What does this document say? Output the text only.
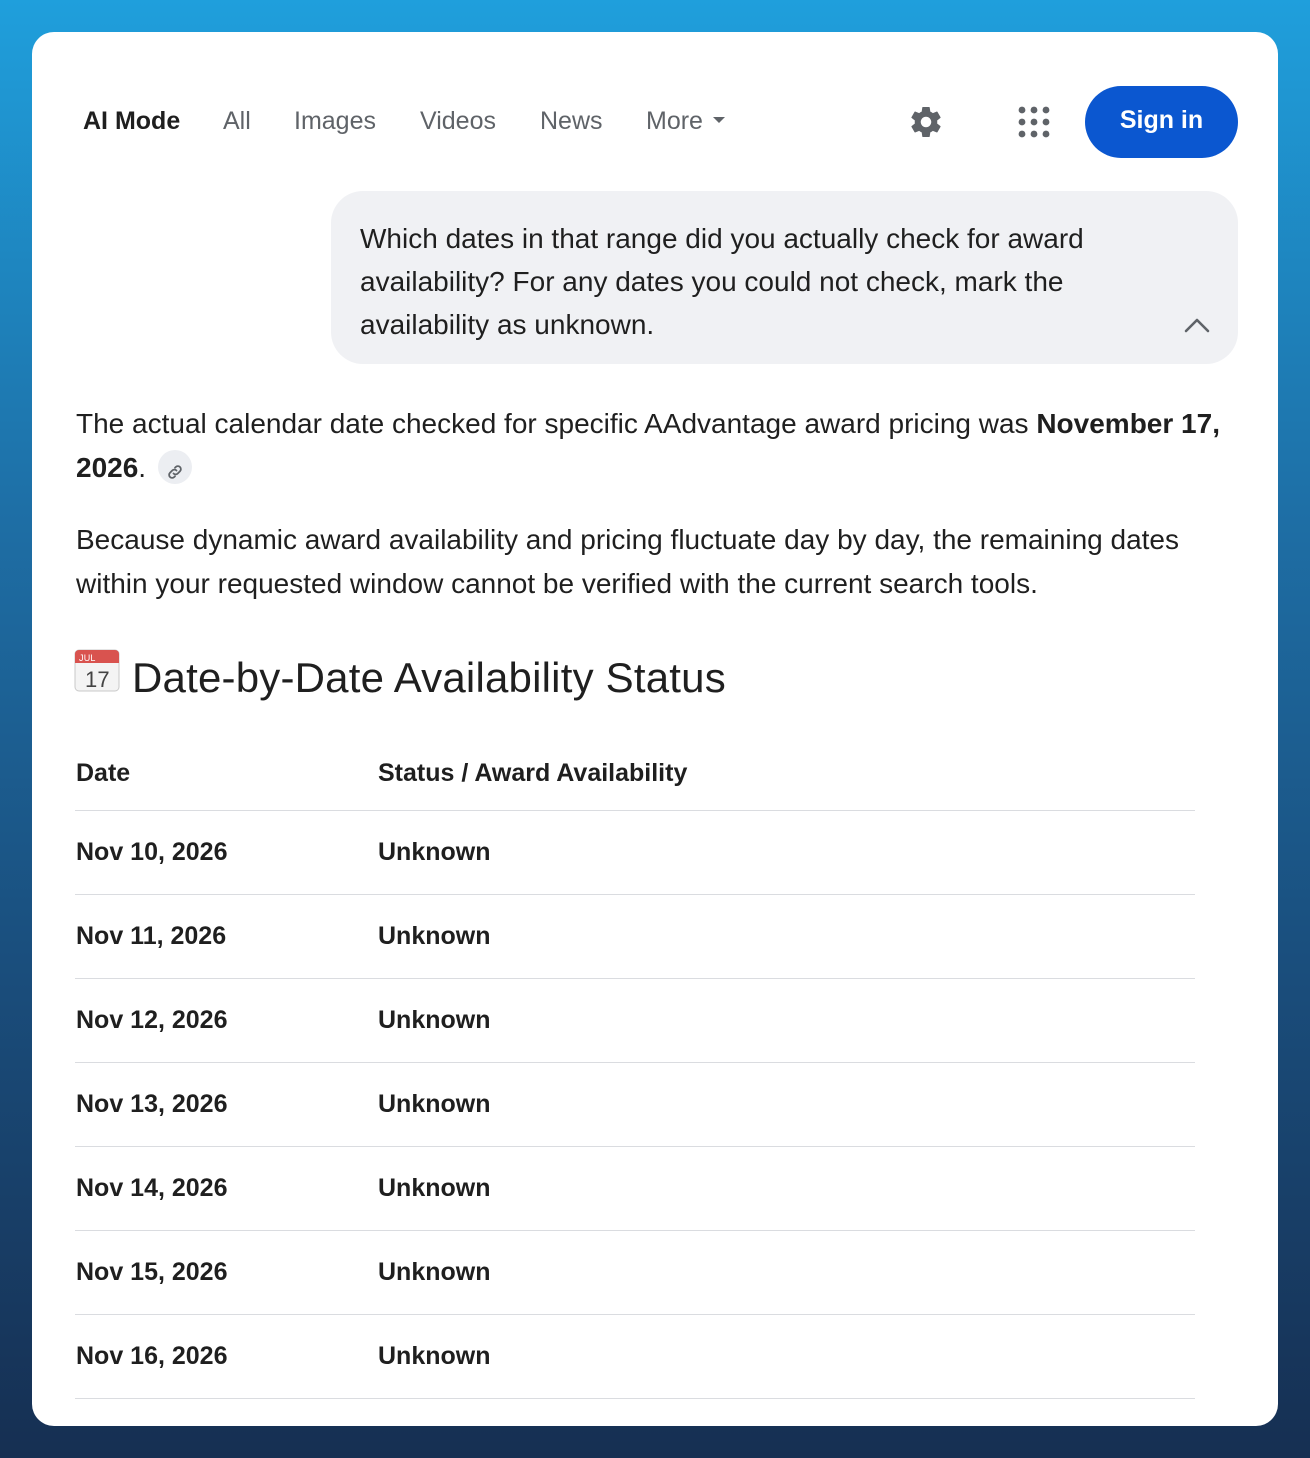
AI Mode All Images Videos News More	Sign in
Which dates in that range did you actually check for award availability? For any dates you could not check, mark the availability as unknown.
The actual calendar date checked for specific AAdvantage award pricing was November 17, 2026.
Because dynamic award availability and pricing fluctuate day by day, the remaining dates within your requested window cannot be verified with the current search tools.
JUL
17 Date-by-Date Availability Status
Date	Status / Award Availability
Nov 10, 2026	Unknown
Nov 11, 2026	Unknown
Nov 12, 2026	Unknown
Nov 13, 2026	Unknown
Nov 14, 2026	Unknown
Nov 15, 2026	Unknown
Nov 16, 2026	Unknown
